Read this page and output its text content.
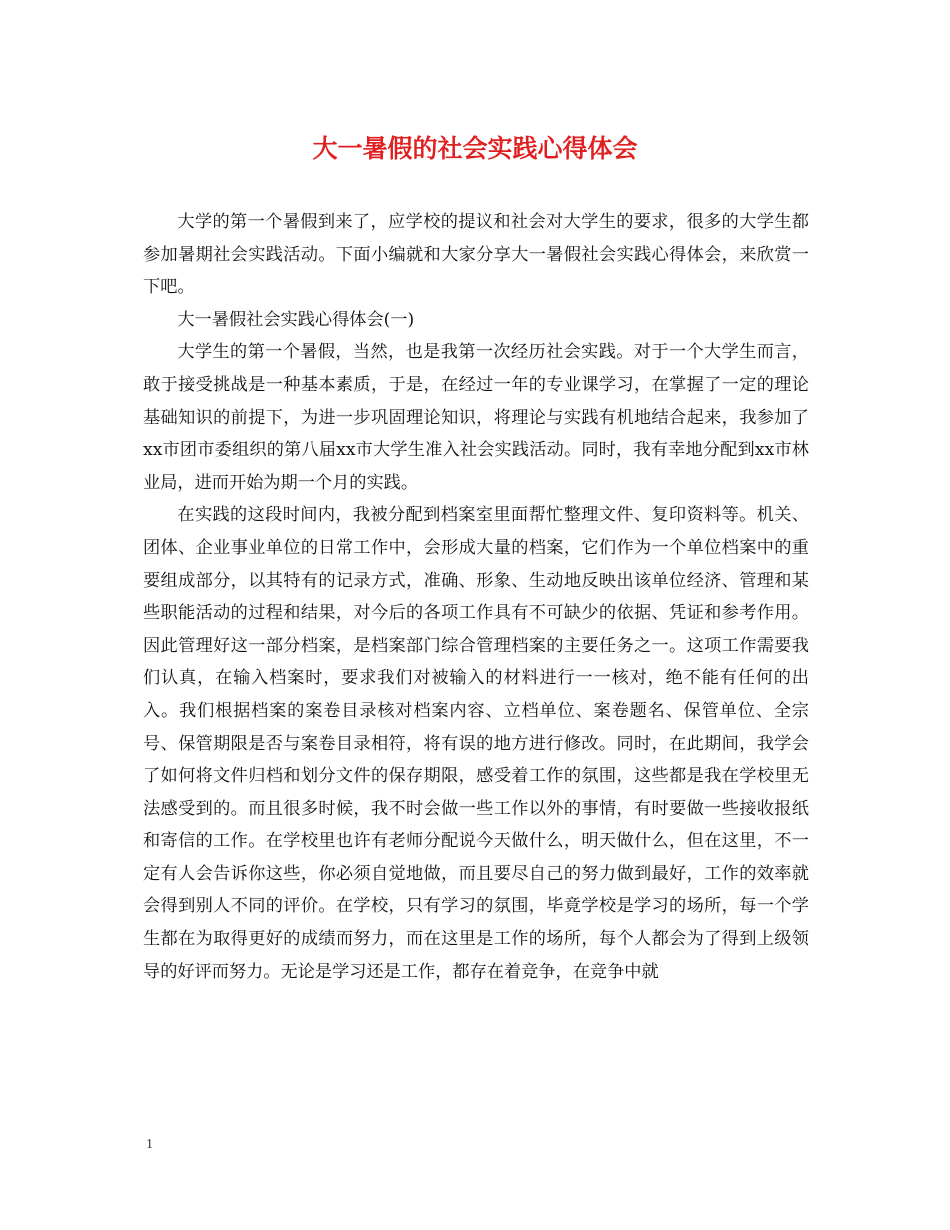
大一暑假的社会实践心得体会

大学的第一个暑假到来了，应学校的提议和社会对大学生的要求，很多的大学生都参加暑期社会实践活动。下面小编就和大家分享大一暑假社会实践心得体会，来欣赏一下吧。

大一暑假社会实践心得体会(一)

大学生的第一个暑假，当然，也是我第一次经历社会实践。对于一个大学生而言，敢于接受挑战是一种基本素质，于是，在经过一年的专业课学习，在掌握了一定的理论基础知识的前提下，为进一步巩固理论知识，将理论与实践有机地结合起来，我参加了xx市团市委组织的第八届xx市大学生准入社会实践活动。同时，我有幸地分配到xx市林业局，进而开始为期一个月的实践。

在实践的这段时间内，我被分配到档案室里面帮忙整理文件、复印资料等。机关、团体、企业事业单位的日常工作中，会形成大量的档案，它们作为一个单位档案中的重要组成部分，以其特有的记录方式，准确、形象、生动地反映出该单位经济、管理和某些职能活动的过程和结果，对今后的各项工作具有不可缺少的依据、凭证和参考作用。因此管理好这一部分档案，是档案部门综合管理档案的主要任务之一。这项工作需要我们认真，在输入档案时，要求我们对被输入的材料进行一一核对，绝不能有任何的出入。我们根据档案的案卷目录核对档案内容、立档单位、案卷题名、保管单位、全宗号、保管期限是否与案卷目录相符，将有误的地方进行修改。同时，在此期间，我学会了如何将文件归档和划分文件的保存期限，感受着工作的氛围，这些都是我在学校里无法感受到的。而且很多时候，我不时会做一些工作以外的事情，有时要做一些接收报纸和寄信的工作。在学校里也许有老师分配说今天做什么，明天做什么，但在这里，不一定有人会告诉你这些，你必须自觉地做，而且要尽自己的努力做到最好，工作的效率就会得到别人不同的评价。在学校，只有学习的氛围，毕竟学校是学习的场所，每一个学生都在为取得更好的成绩而努力，而在这里是工作的场所，每个人都会为了得到上级领导的好评而努力。无论是学习还是工作，都存在着竞争，在竞争中就

1
